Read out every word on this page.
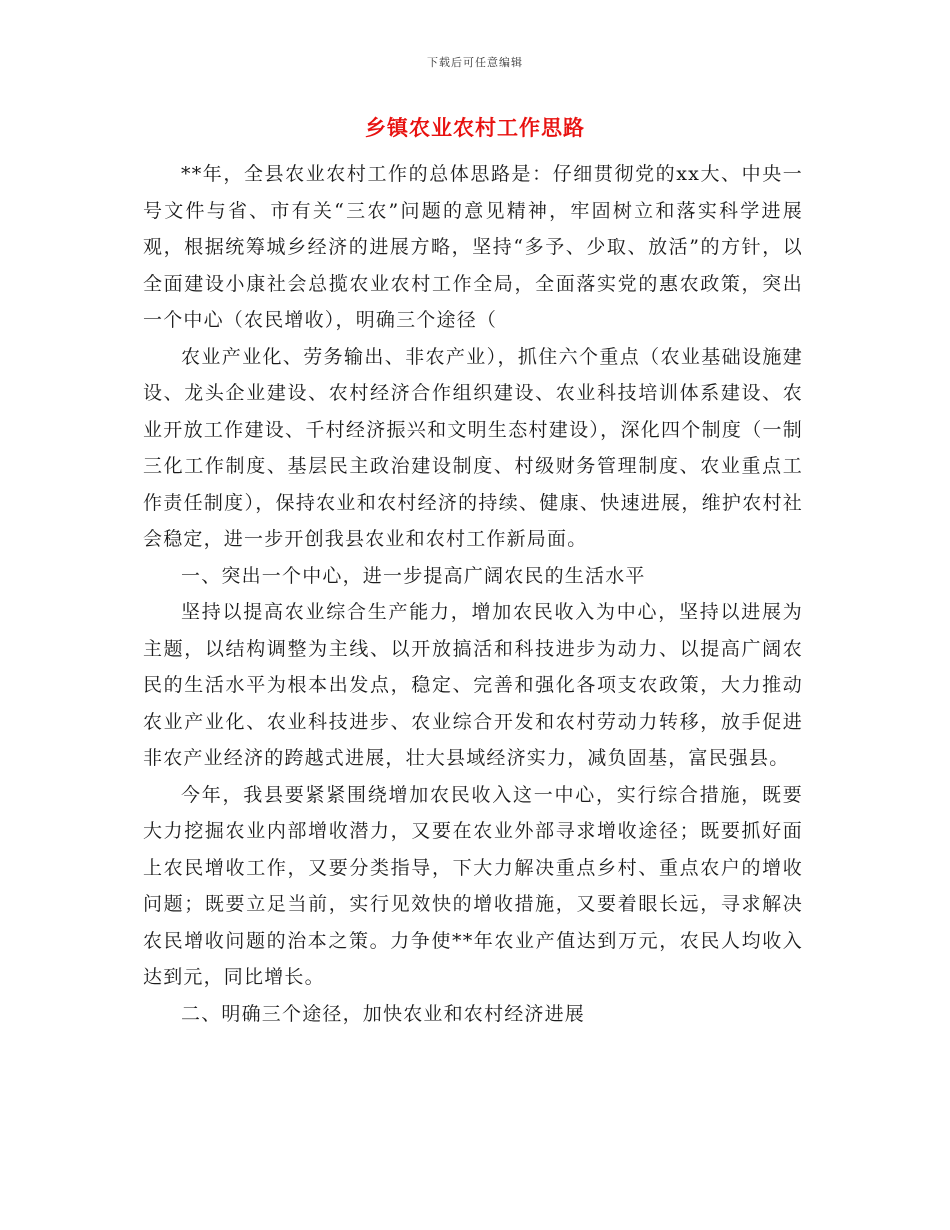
下载后可任意编辑
乡镇农业农村工作思路

**年，全县农业农村工作的总体思路是：仔细贯彻党的xx大、中央一号文件与省、市有关“三农”问题的意见精神，牢固树立和落实科学进展观，根据统筹城乡经济的进展方略，坚持“多予、少取、放活”的方针，以全面建设小康社会总揽农业农村工作全局，全面落实党的惠农政策，突出一个中心（农民增收），明确三个途径（

农业产业化、劳务输出、非农产业），抓住六个重点（农业基础设施建设、龙头企业建设、农村经济合作组织建设、农业科技培训体系建设、农业开放工作建设、千村经济振兴和文明生态村建设），深化四个制度（一制三化工作制度、基层民主政治建设制度、村级财务管理制度、农业重点工作责任制度），保持农业和农村经济的持续、健康、快速进展，维护农村社会稳定，进一步开创我县农业和农村工作新局面。

一、突出一个中心，进一步提高广阔农民的生活水平

坚持以提高农业综合生产能力，增加农民收入为中心，坚持以进展为主题，以结构调整为主线、以开放搞活和科技进步为动力、以提高广阔农民的生活水平为根本出发点，稳定、完善和强化各项支农政策，大力推动农业产业化、农业科技进步、农业综合开发和农村劳动力转移，放手促进非农产业经济的跨越式进展，壮大县域经济实力，减负固基，富民强县。

今年，我县要紧紧围绕增加农民收入这一中心，实行综合措施，既要大力挖掘农业内部增收潜力，又要在农业外部寻求增收途径；既要抓好面上农民增收工作，又要分类指导，下大力解决重点乡村、重点农户的增收问题；既要立足当前，实行见效快的增收措施，又要着眼长远，寻求解决农民增收问题的治本之策。力争使**年农业产值达到万元，农民人均收入达到元，同比增长。

二、明确三个途径，加快农业和农村经济进展
